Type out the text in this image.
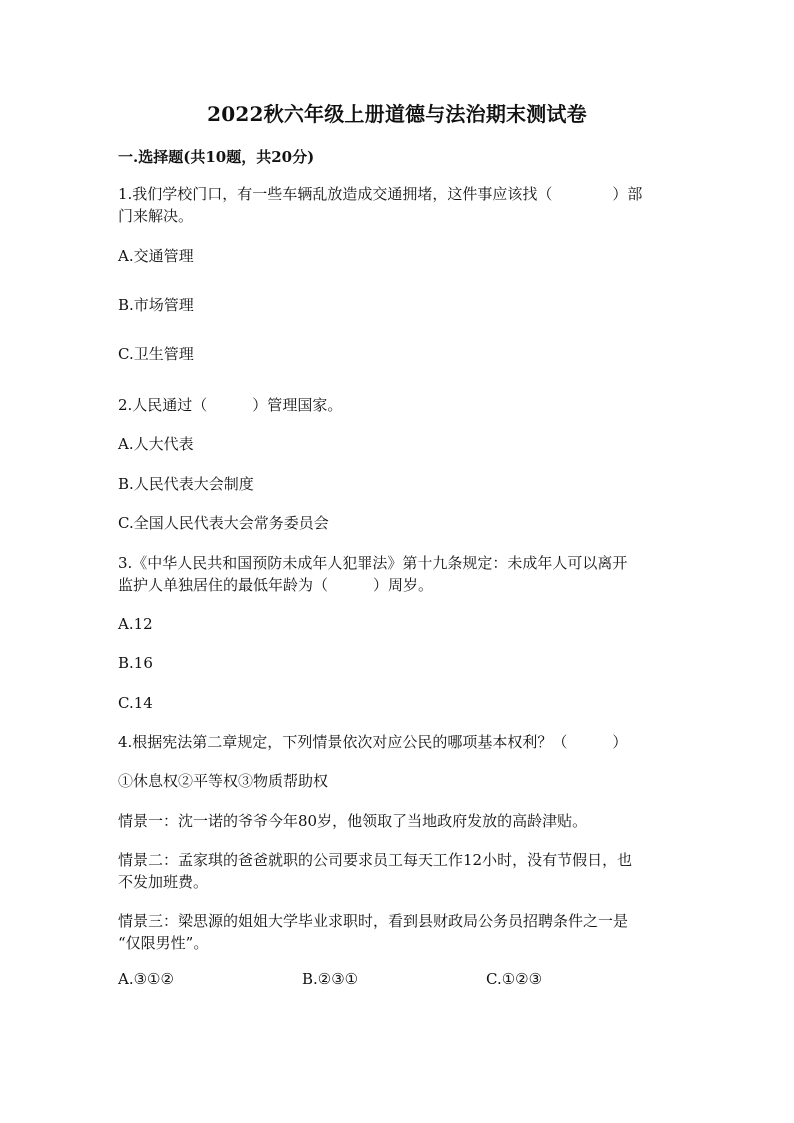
2022秋六年级上册道德与法治期末测试卷
一.选择题(共10题，共20分)
1.我们学校门口，有一些车辆乱放造成交通拥堵，这件事应该找（　　　　）部
门来解决。
A.交通管理
B.市场管理
C.卫生管理
2.人民通过（　　　）管理国家。
A.人大代表
B.人民代表大会制度
C.全国人民代表大会常务委员会
3.《中华人民共和国预防未成年人犯罪法》第十九条规定：未成年人可以离开
监护人单独居住的最低年龄为（　　　）周岁。
A.12
B.16
C.14
4.根据宪法第二章规定，下列情景依次对应公民的哪项基本权利？（　　　）
①休息权②平等权③物质帮助权
情景一：沈一诺的爷爷今年80岁，他领取了当地政府发放的高龄津贴。
情景二：孟家琪的爸爸就职的公司要求员工每天工作12小时，没有节假日，也
不发加班费。
情景三：梁思源的姐姐大学毕业求职时，看到县财政局公务员招聘条件之一是
“仅限男性”。
A.③①②	B.②③①	C.①②③
